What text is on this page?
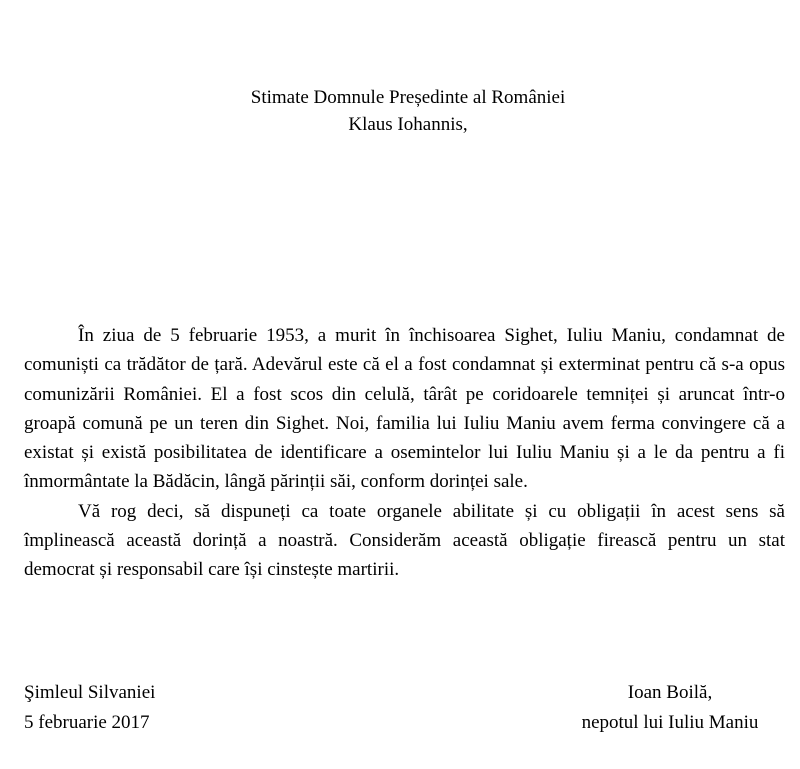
Stimate Domnule Președinte al României
Klaus Iohannis,

În ziua de 5 februarie 1953, a murit în închisoarea Sighet, Iuliu Maniu, condamnat de comuniști ca trădător de țară. Adevărul este că el a fost condamnat și exterminat pentru că s-a opus comunizării României. El a fost scos din celulă, târât pe coridoarele temniței și aruncat într-o groapă comună pe un teren din Sighet. Noi, familia lui Iuliu Maniu avem ferma convingere că a existat și există posibilitatea de identificare a osemintelor lui Iuliu Maniu și a le da pentru a fi înmormântate la Bădăcin, lângă părinții săi, conform dorinței sale.

Vă rog deci, să dispuneți ca toate organele abilitate și cu obligații în acest sens să împlinească această dorință a noastră. Considerăm această obligație firească pentru un stat democrat și responsabil care își cinstește martirii.

Şimleul Silvaniei
5 februarie 2017
Ioan Boilă,
nepotul lui Iuliu Maniu
